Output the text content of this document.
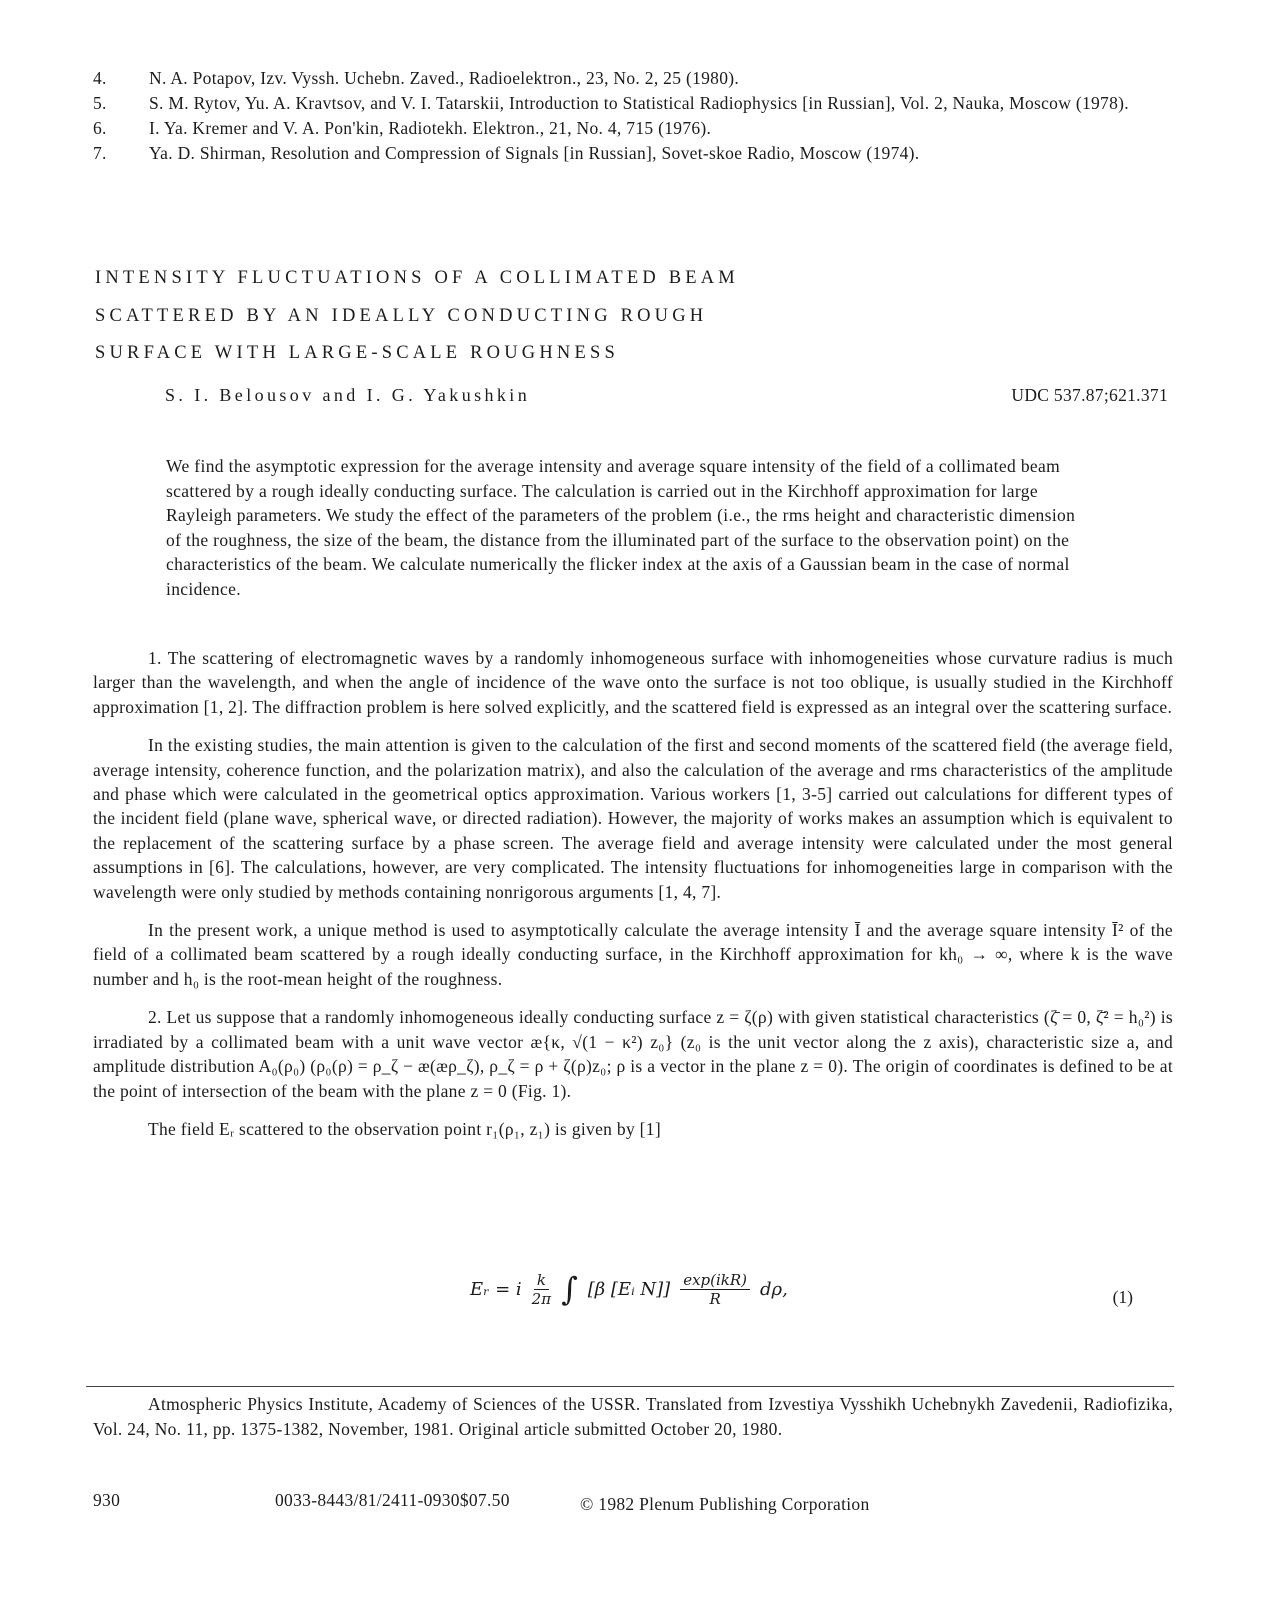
4.	N. A. Potapov, Izv. Vyssh. Uchebn. Zaved., Radioelektron., 23, No. 2, 25 (1980).
5.	S. M. Rytov, Yu. A. Kravtsov, and V. I. Tatarskii, Introduction to Statistical Radiophysics [in Russian], Vol. 2, Nauka, Moscow (1978).
6.	I. Ya. Kremer and V. A. Pon'kin, Radiotekh. Elektron., 21, No. 4, 715 (1976).
7.	Ya. D. Shirman, Resolution and Compression of Signals [in Russian], Sovet-skoe Radio, Moscow (1974).
INTENSITY FLUCTUATIONS OF A COLLIMATED BEAM
SCATTERED BY AN IDEALLY CONDUCTING ROUGH
SURFACE WITH LARGE-SCALE ROUGHNESS
S. I. Belousov and I. G. Yakushkin	UDC 537.87;621.371
We find the asymptotic expression for the average intensity and average square intensity of the field of a collimated beam scattered by a rough ideally conducting surface. The calculation is carried out in the Kirchhoff approximation for large Rayleigh parameters. We study the effect of the parameters of the problem (i.e., the rms height and characteristic dimension of the roughness, the size of the beam, the distance from the illuminated part of the surface to the observation point) on the characteristics of the beam. We calculate numerically the flicker index at the axis of a Gaussian beam in the case of normal incidence.

1. The scattering of electromagnetic waves by a randomly inhomogeneous surface with inhomogeneities whose curvature radius is much larger than the wavelength, and when the angle of incidence of the wave onto the surface is not too oblique, is usually studied in the Kirchhoff approximation [1, 2]. The diffraction problem is here solved explicitly, and the scattered field is expressed as an integral over the scattering surface.

In the existing studies, the main attention is given to the calculation of the first and second moments of the scattered field (the average field, average intensity, coherence function, and the polarization matrix), and also the calculation of the average and rms characteristics of the amplitude and phase which were calculated in the geometrical optics approximation. Various workers [1, 3-5] carried out calculations for different types of the incident field (plane wave, spherical wave, or directed radiation). However, the majority of works makes an assumption which is equivalent to the replacement of the scattering surface by a phase screen. The average field and average intensity were calculated under the most general assumptions in [6]. The calculations, however, are very complicated. The intensity fluctuations for inhomogeneities large in comparison with the wavelength were only studied by methods containing nonrigorous arguments [1, 4, 7].

In the present work, a unique method is used to asymptotically calculate the average intensity Ī and the average square intensity Ī² of the field of a collimated beam scattered by a rough ideally conducting surface, in the Kirchhoff approximation for kh₀ → ∞, where k is the wave number and h₀ is the root-mean height of the roughness.

2. Let us suppose that a randomly inhomogeneous ideally conducting surface z = ζ(ρ) with given statistical characteristics (ζ̄ = 0, ζ̄² = h₀²) is irradiated by a collimated beam with a unit wave vector æ{κ, √(1 − κ²) z₀} (z₀ is the unit vector along the z axis), characteristic size a, and amplitude distribution A₀(ρ₀) (ρ₀(ρ) = ρ_ζ − æ(æρ_ζ), ρ_ζ = ρ + ζ(ρ)z₀; ρ is a vector in the plane z = 0). The origin of coordinates is defined to be at the point of intersection of the beam with the plane z = 0 (Fig. 1).

The field Eᵣ scattered to the observation point r₁(ρ₁, z₁) is given by [1]

Eᵣ = i $\frac{k}{2\pi}$ ∫ [β [Eᵢ $N]] \frac{\text{exp(ikR)}}{R} d\rho$,	(1)
Atmospheric Physics Institute, Academy of Sciences of the USSR. Translated from Izvestiya Vysshikh Uchebnykh Zavedenii, Radiofizika, Vol. 24, No. 11, pp. 1375-1382, November, 1981. Original article submitted October 20, 1980.
930	0033-8443/81/2411-0930$07.50	© 1982 Plenum Publishing Corporation
